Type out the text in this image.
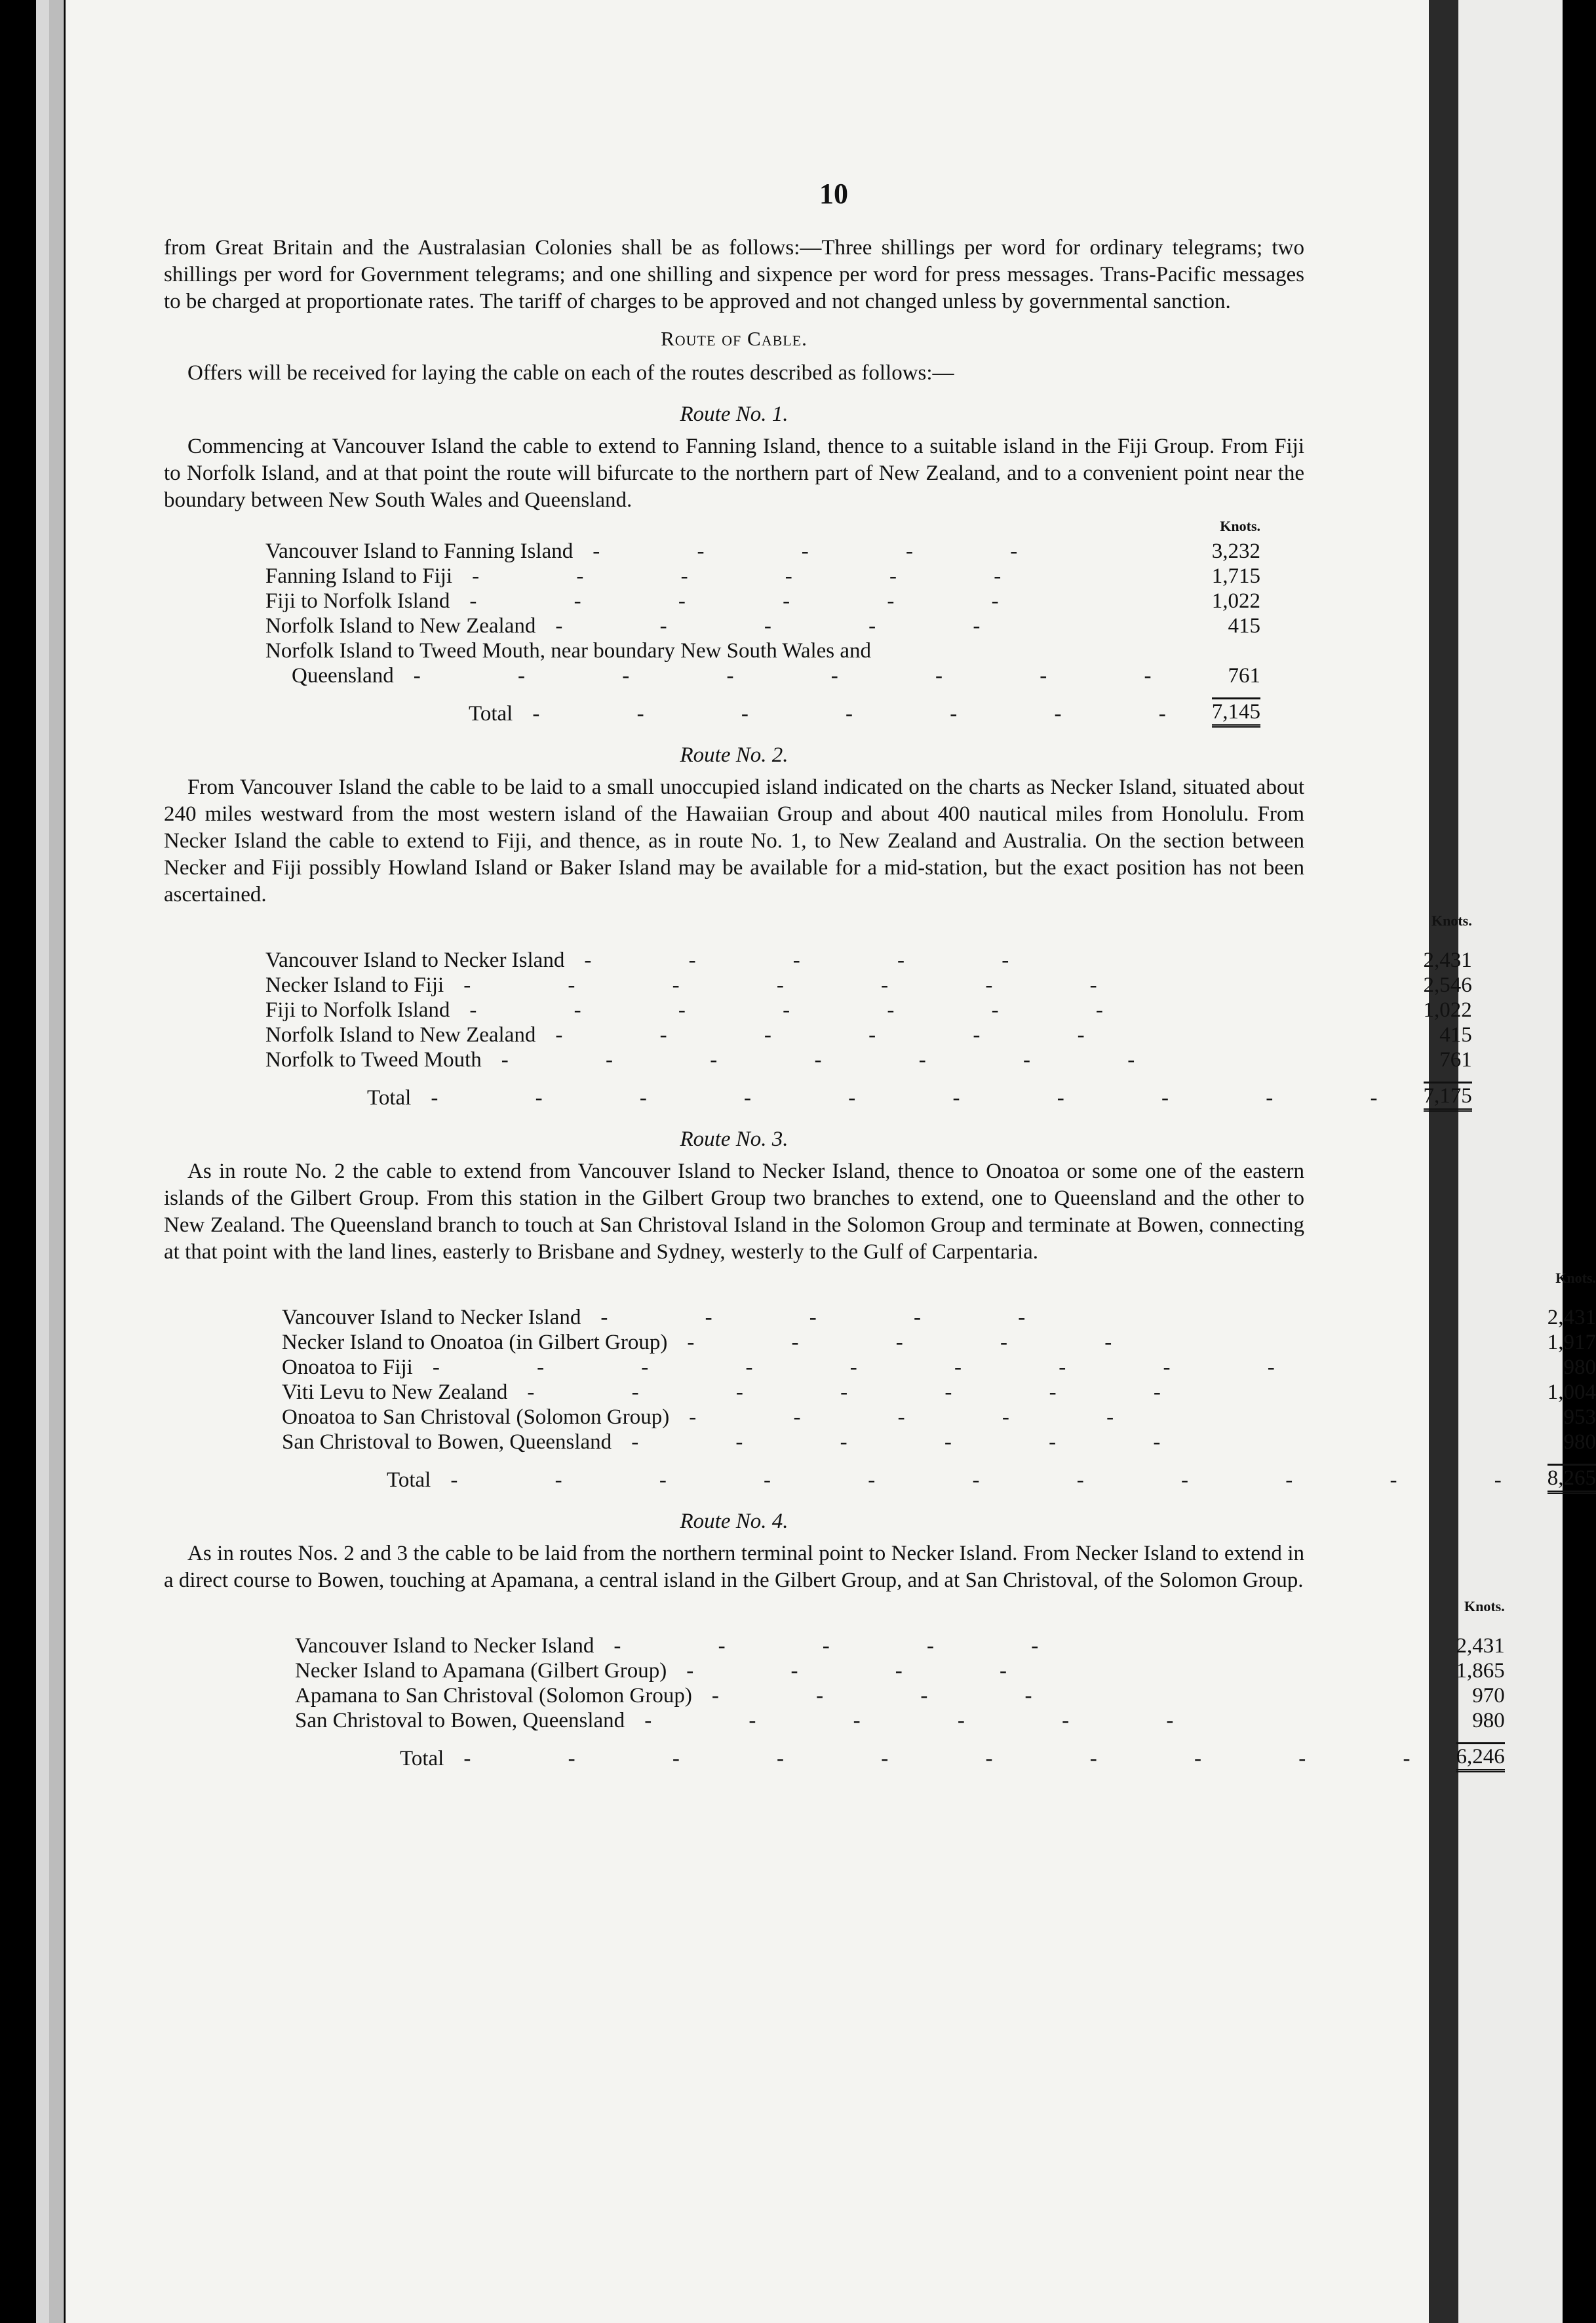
10

from Great Britain and the Australasian Colonies shall be as follows:—Three shillings per word for ordinary telegrams; two shillings per word for Government telegrams; and one shilling and sixpence per word for press messages. Trans-Pacific messages to be charged at proportionate rates. The tariff of charges to be approved and not changed unless by governmental sanction.

Route of Cable.

Offers will be received for laying the cable on each of the routes described as follows:—

Route No. 1.

Commencing at Vancouver Island the cable to extend to Fanning Island, thence to a suitable island in the Fiji Group. From Fiji to Norfolk Island, and at that point the route will bifurcate to the northern part of New Zealand, and to a convenient point near the boundary between New South Wales and Queensland.

	Knots.
Vancouver Island to Fanning Island - - - - -	3,232
Fanning Island to Fiji - - - - - -	1,715
Fiji to Norfolk Island - - - - - -	1,022
Norfolk Island to New Zealand - - - - -	415
Norfolk Island to Tweed Mouth, near boundary New South Wales and	
Queensland - - - - - - - -	761

Total - - - - - - -	7,145
Route No. 2.

From Vancouver Island the cable to be laid to a small unoccupied island indicated on the charts as Necker Island, situated about 240 miles westward from the most western island of the Hawaiian Group and about 400 nautical miles from Honolulu. From Necker Island the cable to extend to Fiji, and thence, as in route No. 1, to New Zealand and Australia. On the section between Necker and Fiji possibly Howland Island or Baker Island may be available for a mid-station, but the exact position has not been ascertained.

	Knots.

Vancouver Island to Necker Island - - - - -	2,431
Necker Island to Fiji - - - - - - -	2,546
Fiji to Norfolk Island - - - - - - -	1,022
Norfolk Island to New Zealand - - - - - -	415
Norfolk to Tweed Mouth - - - - - - -	761

Total - - - - - - - - - -	7,175
Route No. 3.

As in route No. 2 the cable to extend from Vancouver Island to Necker Island, thence to Onoatoa or some one of the eastern islands of the Gilbert Group. From this station in the Gilbert Group two branches to extend, one to Queensland and the other to New Zealand. The Queensland branch to touch at San Christoval Island in the Solomon Group and terminate at Bowen, connecting at that point with the land lines, easterly to Brisbane and Sydney, westerly to the Gulf of Carpentaria.

	Knots.

Vancouver Island to Necker Island - - - - -	2,431
Necker Island to Onoatoa (in Gilbert Group) - - - - -	1,917
Onoatoa to Fiji - - - - - - - - -	980
Viti Levu to New Zealand - - - - - - -	1,004
Onoatoa to San Christoval (Solomon Group) - - - - -	953
San Christoval to Bowen, Queensland - - - - - -	980

Total - - - - - - - - - - -	8,265
Route No. 4.

As in routes Nos. 2 and 3 the cable to be laid from the northern terminal point to Necker Island. From Necker Island to extend in a direct course to Bowen, touching at Apamana, a central island in the Gilbert Group, and at San Christoval, of the Solomon Group.

	Knots.

Vancouver Island to Necker Island - - - - -	2,431
Necker Island to Apamana (Gilbert Group) - - - -	1,865
Apamana to San Christoval (Solomon Group) - - - -	970
San Christoval to Bowen, Queensland - - - - - -	980

Total - - - - - - - - - -	6,246
